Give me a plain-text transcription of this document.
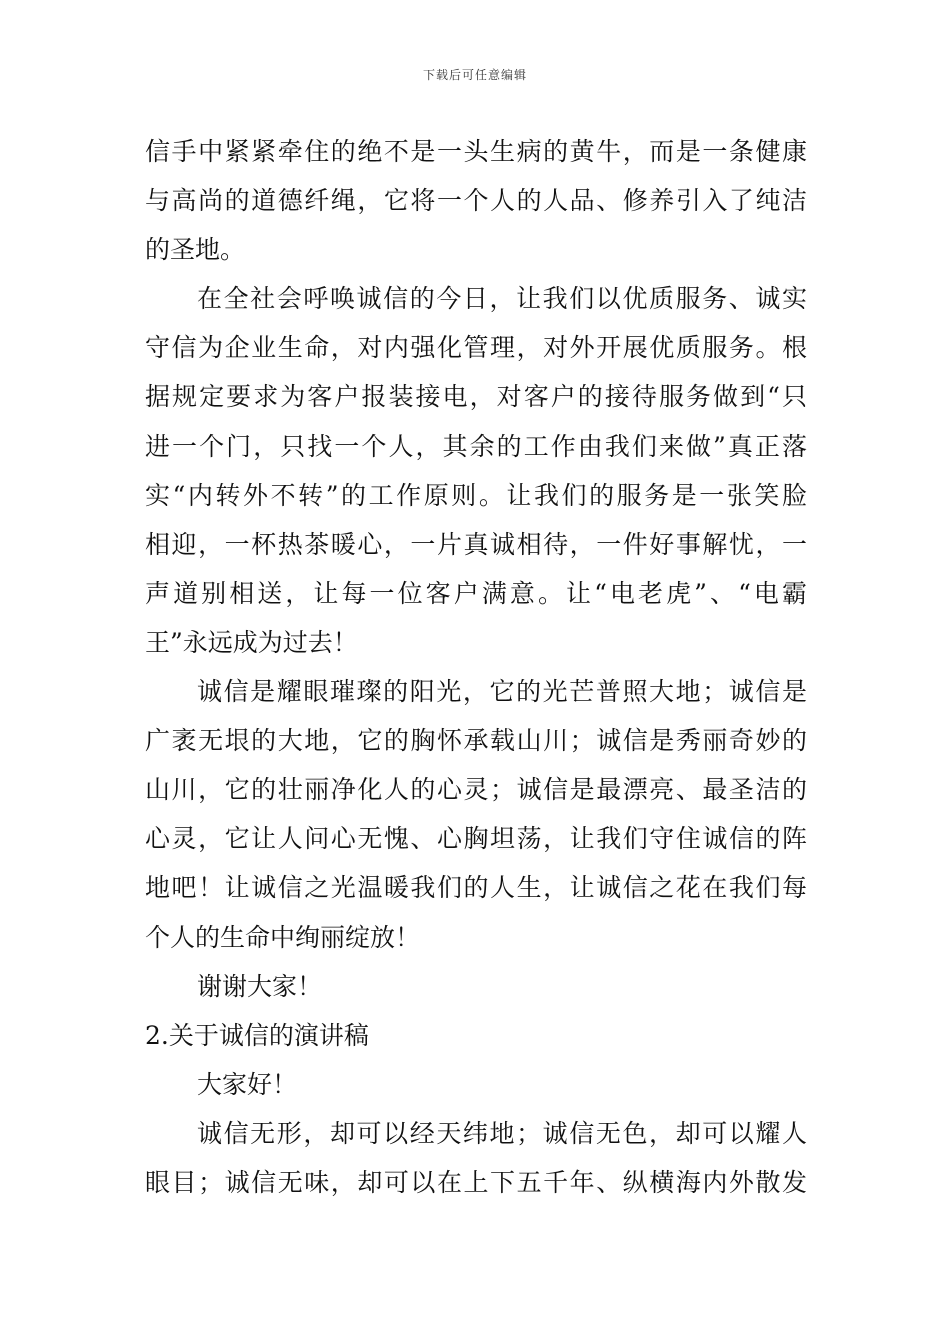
下载后可任意编辑
信手中紧紧牵住的绝不是一头生病的黄牛，而是一条健康
与高尚的道德纤绳，它将一个人的人品、修养引入了纯洁
的圣地。
在全社会呼唤诚信的今日，让我们以优质服务、诚实
守信为企业生命，对内强化管理，对外开展优质服务。根
据规定要求为客户报装接电，对客户的接待服务做到“只
进一个门，只找一个人，其余的工作由我们来做”真正落
实“内转外不转”的工作原则。让我们的服务是一张笑脸
相迎，一杯热茶暖心，一片真诚相待，一件好事解忧，一
声道别相送，让每一位客户满意。让“电老虎”、“电霸
王”永远成为过去！
诚信是耀眼璀璨的阳光，它的光芒普照大地；诚信是
广袤无垠的大地，它的胸怀承载山川；诚信是秀丽奇妙的
山川，它的壮丽净化人的心灵；诚信是最漂亮、最圣洁的
心灵，它让人问心无愧、心胸坦荡，让我们守住诚信的阵
地吧！让诚信之光温暖我们的人生，让诚信之花在我们每
个人的生命中绚丽绽放！
谢谢大家！
2.关于诚信的演讲稿
大家好！
诚信无形，却可以经天纬地；诚信无色，却可以耀人
眼目；诚信无味，却可以在上下五千年、纵横海内外散发
